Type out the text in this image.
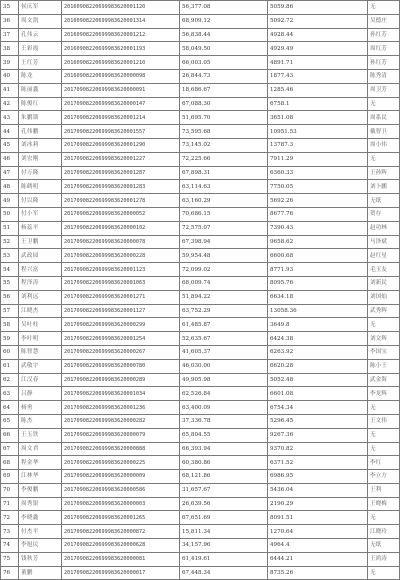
35	侯庆军	20160908220699983620001120	56,377.08	5059.86	无
36	周文凯	20160908220699983620001314	68,909.12	5092.72	吴德庄
37	孔伟云	20160908220699983620001212	56,838.44	4928.44	孙红芳
38	王彩霞	20160908220699983620001193	58,049.50	4929.49	周红芳
39	王红芳	20160908220699983620001210	66,003.05	4891.71	孙红芳
40	陈龙	20160908220699983620000098	26,844.73	1877.43	陈秀清
41	陈丽鑫	20170908220699983620000091	18,686.67	1285.46	周卫芳
42	陈俊红	20170908220699983620000147	67,088.30	6758.1	无
43	朱鹏锁	20170908220699983620001214	51,695.70	3651.08	周系民
44	孔伟鹏	20170908220699983620001557	73,595.68	10951.53	戴智卫
45	刘冰莉	20170908220699983620001290	73,145.02	13787.3	周小伟
46	刘宏刚	20170908220699983620001227	72,225.66	7911.29	无
47	付万隆	20170908220699983620001287	67,898.31	6360.33	王孙辉
48	陈鹤明	20170908220699983620001283	63,114.63	7750.05	刘卜鹏
49	付以隆	20170908220699983620001278	63,160.29	5692.26	无纸
50	付小军	20170908220699983620000052	70,686.15	8677.76	贺存
51	杨蕊平	20170908220699983620000102	72,575.07	7390.43	赵功林
52	王卫鹏	20170908220699983620000078	67,398.94	9658.62	马泽斌
53	武政园	20170908220699983620000228	59,954.48	6600.68	赵红星
54	程兴富	20170908220699983620001123	72,099.02	8771.93	毛玉友
55	程泽涛	20170908220699983620001063	68,009.74	8095.76	刘新民
56	刘利远	20170908220699983620001271	51,894.22	6634.18	刘国灿
57	江晓杰	20170908220699983620001127	63,752.29	13058.36	武秀辉
58	吴叶柱	20170908220699983620000299	61,485.87	3649.8	无
59	李叶明	20170908220699983620001254	52,635.67	6424.38	刘文辉
60	陈智慧	20170908220699983620000267	41,605.37	6263.92	李国宝
61	武敬宇	20170908220699983620000780	46,030.00	6620.28	陈小王
62	江汉春	20170908220699983620000289	49,905.98	5052.48	武金海
63	吕静	20170908220699983620001034	62,526.84	6601.08	李龙辉
64	杨勇	20170908220699983620001236	63,400.09	6754.34	无
65	陈杰	20170908220699983620000282	37,336.78	5296.45	王文伟
66	王玉铁	20170908220699983620000079	65,804.55	9267.36	无
67	周文君	20170908220699983620000888	66,393.94	9370.82	无
68	程金华	20170908220699983620000225	60,380.86	6371.52	李红
69	江林华	20170908220699983620000009	68,121.86	6986.95	李立方
70	李俊鹏	20170908220699983620000586	31,657.67	5436.04	王利
71	周秀银	20170908220699983620000003	26,639.56	2190.29	王晓梅
72	李晓鑫	20170908220699983620001265	67,651.69	8091.51	无
73	付杰平	20170908220699983620000872	15,811.34	1270.64	江晓玲
74	李旭民	20170908220699983620000628	34,157.96	4964.4	无纸
75	钱秋芳	20170908220699983620000081	61,419.61	6444.21	王鸿涛
76	董鹏	20170908220699983620000017	67,448.34	8735.26	无
